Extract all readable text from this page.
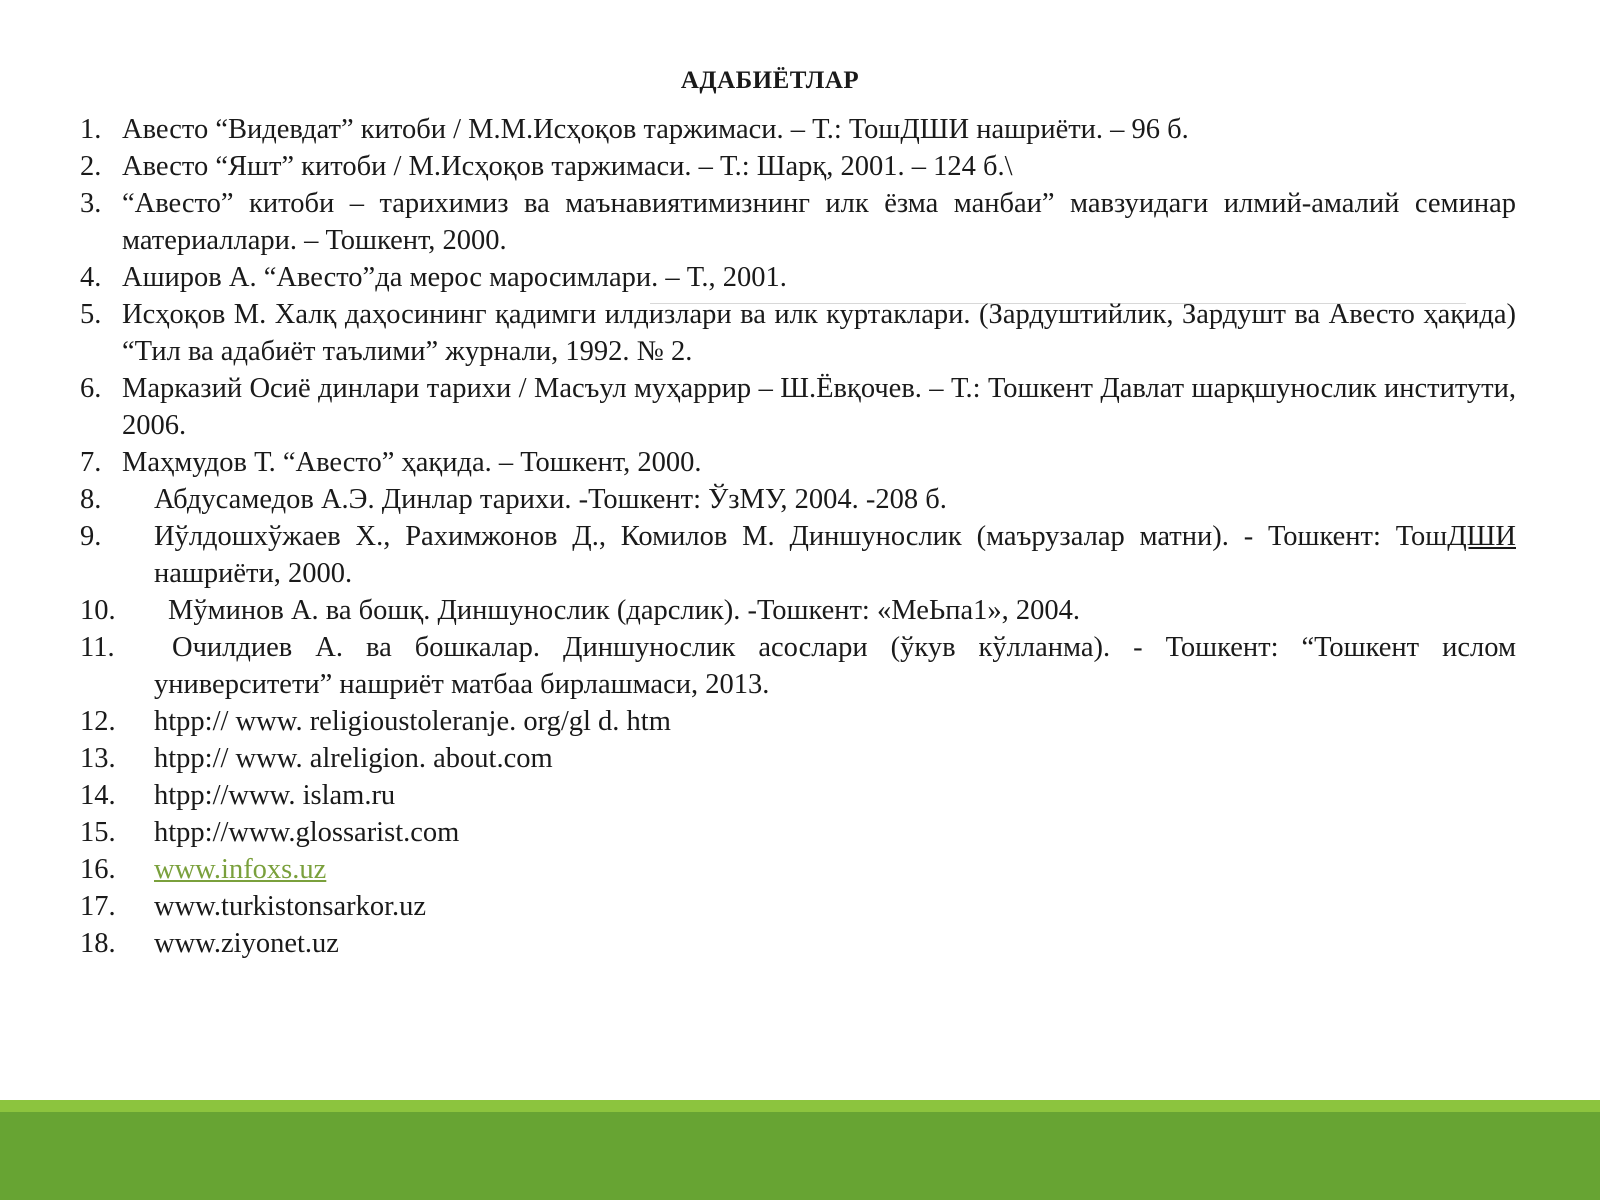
АДАБИЁТЛАР
1. Авесто “Видевдат” китоби / М.М.Исҳоқов таржимаси. – Т.: ТошДШИ нашриёти. – 96 б.
2. Авесто “Яшт” китоби / М.Исҳоқов таржимаси. – Т.: Шарқ, 2001. – 124 б.\
3. “Авесто” китоби – тарихимиз ва маънавиятимизнинг илк ёзма манбаи” мавзуидаги илмий-амалий семинар материаллари. – Тошкент, 2000.
4. Аширов А. “Авесто”да мерос маросимлари. – Т., 2001.
5. Исҳоқов М. Халқ даҳосининг қадимги илдизлари ва илк куртаклари. (Зардуштийлик, Зардушт ва Авесто ҳақида) “Тил ва адабиёт таълими” журнали, 1992. № 2.
6. Марказий Осиё динлари тарихи / Масъул муҳаррир – Ш.Ёвқочев. – Т.: Тошкент Давлат шарқшунослик институти, 2006.
7. Маҳмудов Т. “Авесто” ҳақида. – Тошкент, 2000.
8. Абдусамедов А.Э. Динлар тарихи. -Тошкент: ЎзМУ, 2004. -208 б.
9. Иўлдошхўжаев X., Рахимжонов Д., Комилов М. Диншунослик (маърузалар матни). - Тошкент: ТошДШИ нашриёти, 2000.
10. Мўминов А. ва бошқ. Диншунослик (дарслик). -Тошкент: «МеЬпа1», 2004.
11. Очилдиев А. ва бошкалар. Диншунослик асослари (ўкув кўлланма). - Тошкент: “Тошкент ислом университети” нашриёт матбаа бирлашмаси, 2013.
12. htpp:// www. religioustoleranje. org/gl d. htm
13. htpp:// www. alreligion. about.com
14. htpp://www. islam.ru
15. htpp://www.glossarist.com
16. www.infoxs.uz
17. www.turkistonsarkor.uz
18. www.ziyonet.uz
